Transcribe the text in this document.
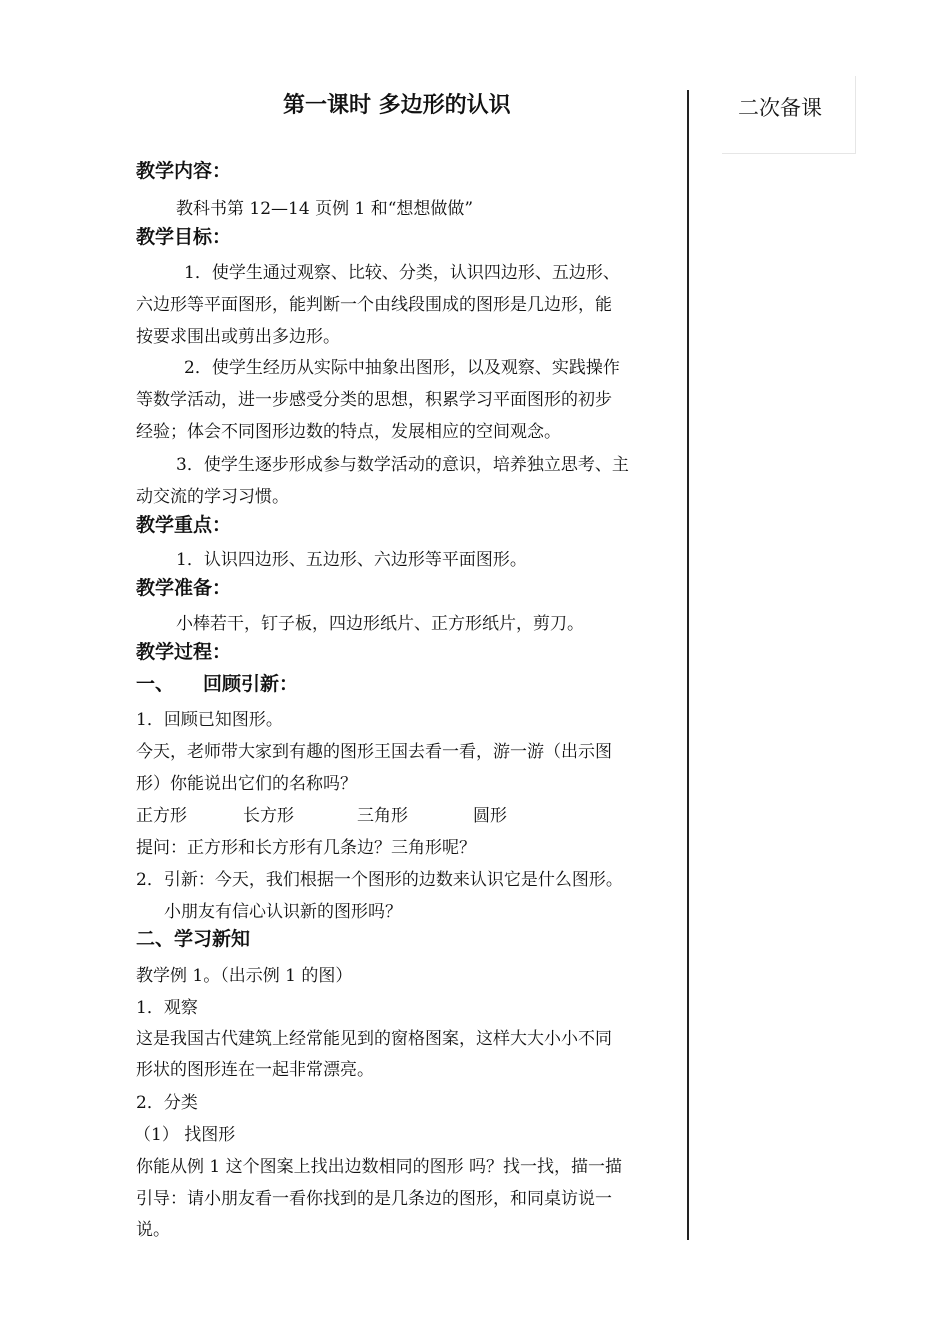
第一课时 多边形的认识	二次备课
教学内容：
教科书第 12—14 页例 1 和“想想做做”
教学目标：
1．使学生通过观察、比较、分类，认识四边形、五边形、
六边形等平面图形，能判断一个由线段围成的图形是几边形，能
按要求围出或剪出多边形。
2．使学生经历从实际中抽象出图形，以及观察、实践操作
等数学活动，进一步感受分类的思想，积累学习平面图形的初步
经验；体会不同图形边数的特点，发展相应的空间观念。
3．使学生逐步形成参与数学活动的意识，培养独立思考、主
动交流的学习习惯。
教学重点：
1．认识四边形、五边形、六边形等平面图形。
教学准备：
小棒若干，钉子板，四边形纸片、正方形纸片，剪刀。
教学过程：
一、 回顾引新：
1．回顾已知图形。
今天，老师带大家到有趣的图形王国去看一看，游一游（出示图
形）你能说出它们的名称吗？
正方形	长方形	三角形	圆形
提问：正方形和长方形有几条边？三角形呢？
2．引新：今天，我们根据一个图形的边数来认识它是什么图形。
小朋友有信心认识新的图形吗？
二、学习新知
教学例 1。（出示例 1 的图）
1．观察
这是我国古代建筑上经常能见到的窗格图案，这样大大小小不同
形状的图形连在一起非常漂亮。
2．分类
（1） 找图形
你能从例 1 这个图案上找出边数相同的图形 吗？找一找，描一描
引导：请小朋友看一看你找到的是几条边的图形，和同桌访说一
说。
